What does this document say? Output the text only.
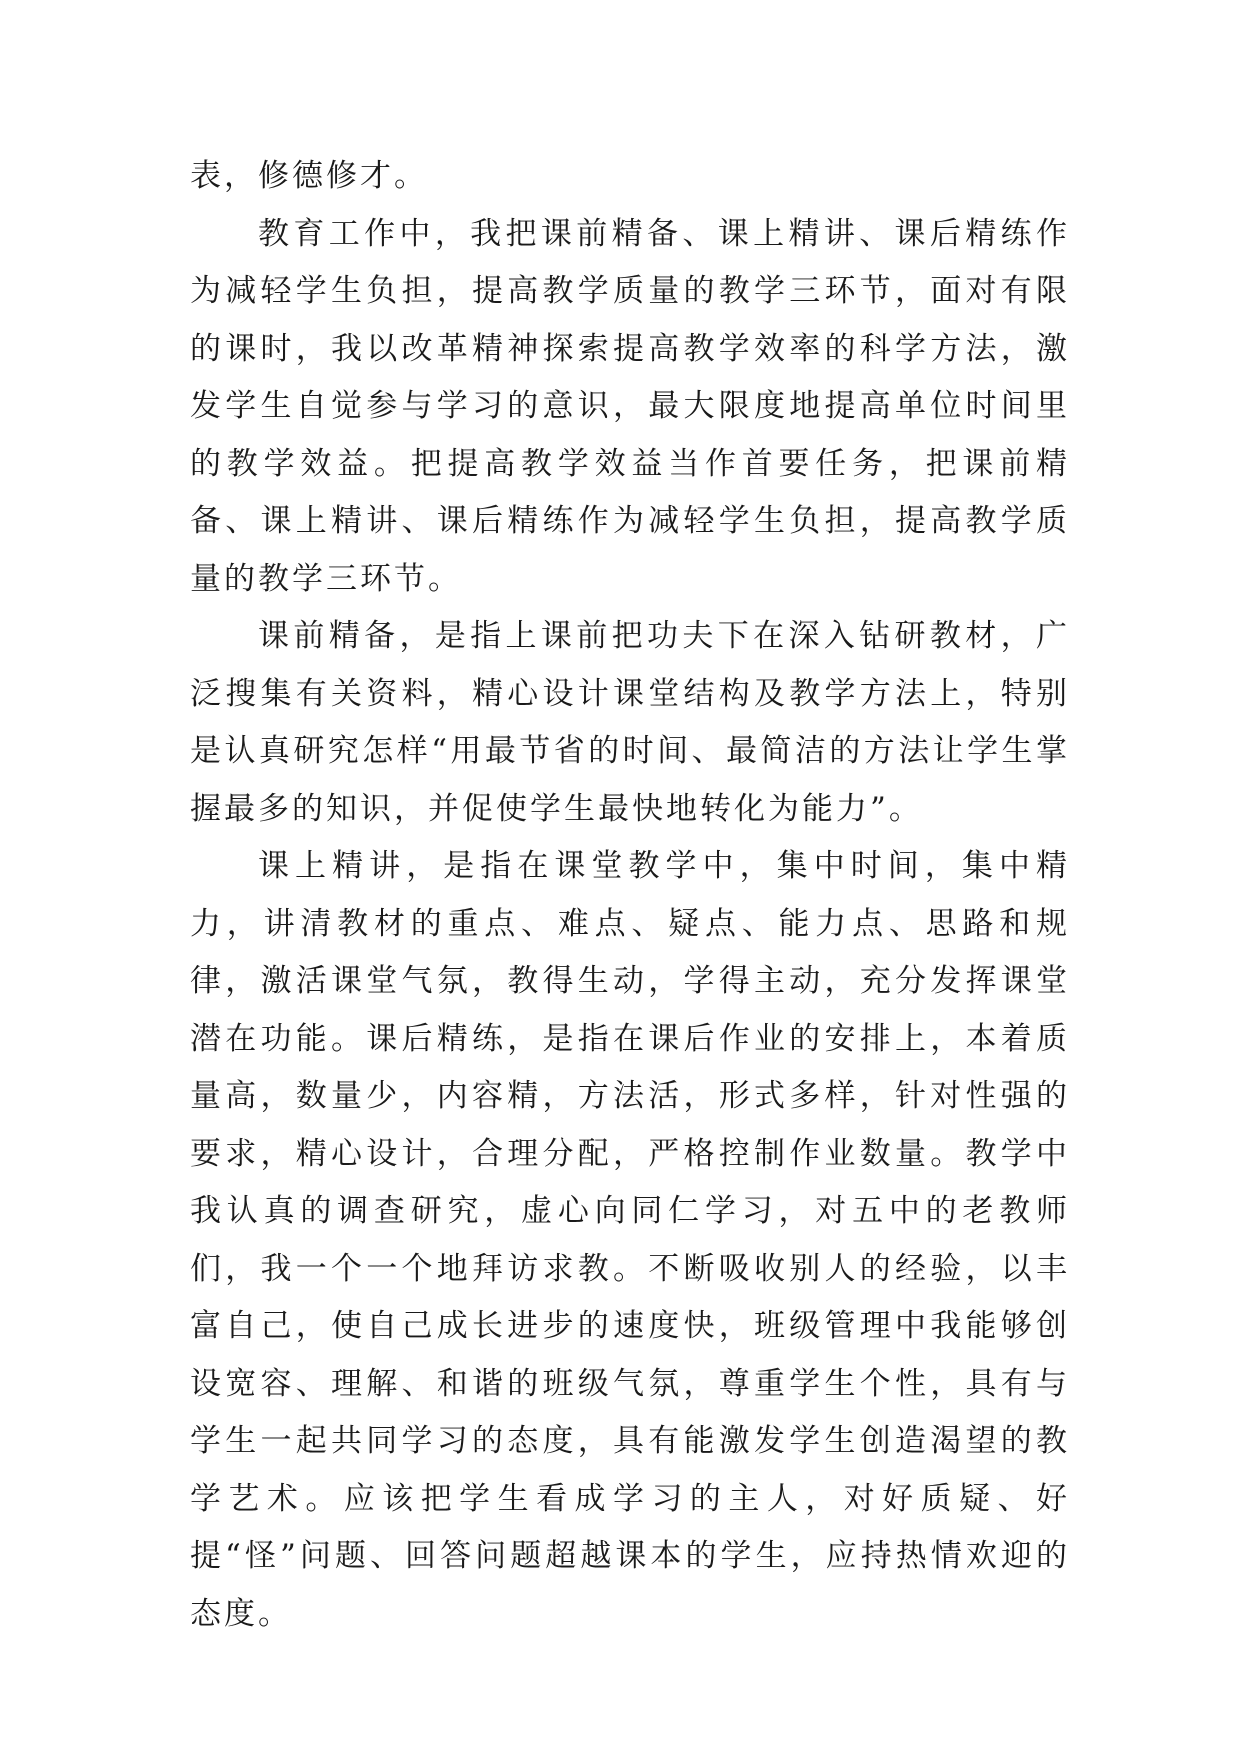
表，修德修才。

教育工作中，我把课前精备、课上精讲、课后精练作为减轻学生负担，提高教学质量的教学三环节，面对有限的课时，我以改革精神探索提高教学效率的科学方法，激发学生自觉参与学习的意识，最大限度地提高单位时间里的教学效益。把提高教学效益当作首要任务，把课前精备、课上精讲、课后精练作为减轻学生负担，提高教学质量的教学三环节。

课前精备，是指上课前把功夫下在深入钻研教材，广泛搜集有关资料，精心设计课堂结构及教学方法上，特别是认真研究怎样“用最节省的时间、最简洁的方法让学生掌握最多的知识，并促使学生最快地转化为能力”。

课上精讲，是指在课堂教学中，集中时间，集中精力，讲清教材的重点、难点、疑点、能力点、思路和规律，激活课堂气氛，教得生动，学得主动，充分发挥课堂潜在功能。课后精练，是指在课后作业的安排上，本着质量高，数量少，内容精，方法活，形式多样，针对性强的要求，精心设计，合理分配，严格控制作业数量。教学中我认真的调查研究，虚心向同仁学习，对五中的老教师们，我一个一个地拜访求教。不断吸收别人的经验，以丰富自己，使自己成长进步的速度快，班级管理中我能够创设宽容、理解、和谐的班级气氛，尊重学生个性，具有与学生一起共同学习的态度，具有能激发学生创造渴望的教学艺术。应该把学生看成学习的主人，对好质疑、好提“怪”问题、回答问题超越课本的学生，应持热情欢迎的态度。
